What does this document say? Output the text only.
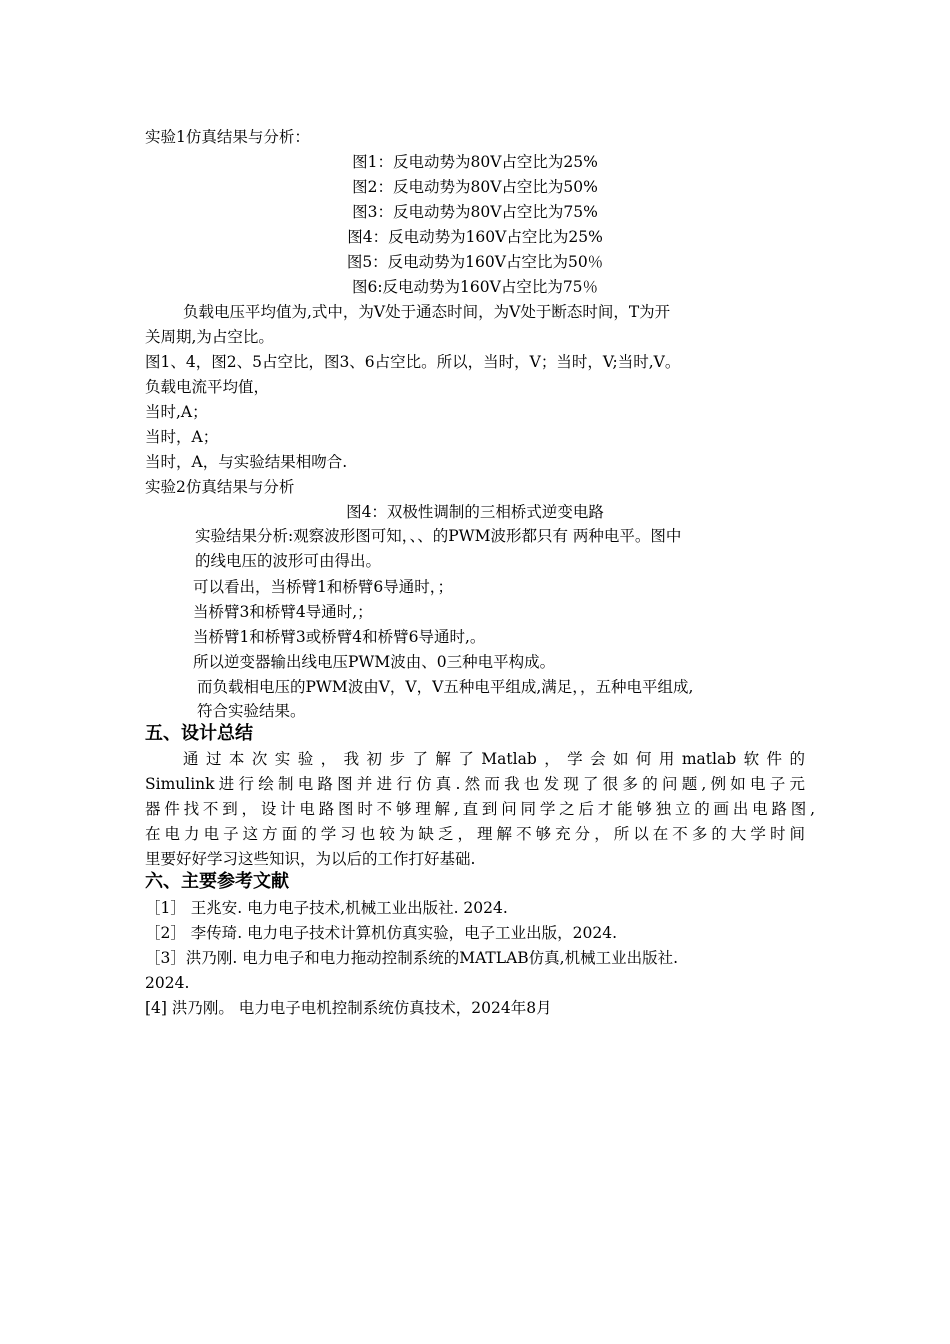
实验1仿真结果与分析：
图1：反电动势为80V占空比为25%
图2：反电动势为80V占空比为50%
图3：反电动势为80V占空比为75%
图4：反电动势为160V占空比为25%
图5：反电动势为160V占空比为50％
图6:反电动势为160V占空比为75％
负载电压平均值为,式中，为V处于通态时间，为V处于断态时间，T为开
关周期,为占空比。
图1、4，图2、5占空比，图3、6占空比。所以，当时，V；当时，V;当时,V。
负载电流平均值，
当时,A；
当时，A；
当时，A，与实验结果相吻合.
实验2仿真结果与分析
图4：双极性调制的三相桥式逆变电路
实验结果分析:观察波形图可知，、、的PWM波形都只有 两种电平。图中
的线电压的波形可由得出。
可以看出，当桥臂1和桥臂6导通时，；
当桥臂3和桥臂4导通时,；
当桥臂1和桥臂3或桥臂4和桥臂6导通时,。
所以逆变器输出线电压PWM波由、0三种电平构成。
而负载相电压的PWM波由V，V，V五种电平组成,满足，，五种电平组成,
符合实验结果。
五、设计总结
通过本次实验，我初步了解了Matlab，学会如何用matlab软件的
Simulink进行绘制电路图并进行仿真.然而我也发现了很多的问题,例如电子元
器件找不到，设计电路图时不够理解,直到问同学之后才能够独立的画出电路图,
在电力电子这方面的学习也较为缺乏，理解不够充分，所以在不多的大学时间
里要好好学习这些知识，为以后的工作打好基础.
六、主要参考文献
［1］ 王兆安. 电力电子技术,机械工业出版社. 2024.
［2］ 李传琦. 电力电子技术计算机仿真实验，电子工业出版，2024.
［3］洪乃刚. 电力电子和电力拖动控制系统的MATLAB仿真,机械工业出版社.
2024.
[4] 洪乃刚。 电力电子电机控制系统仿真技术，2024年8月
